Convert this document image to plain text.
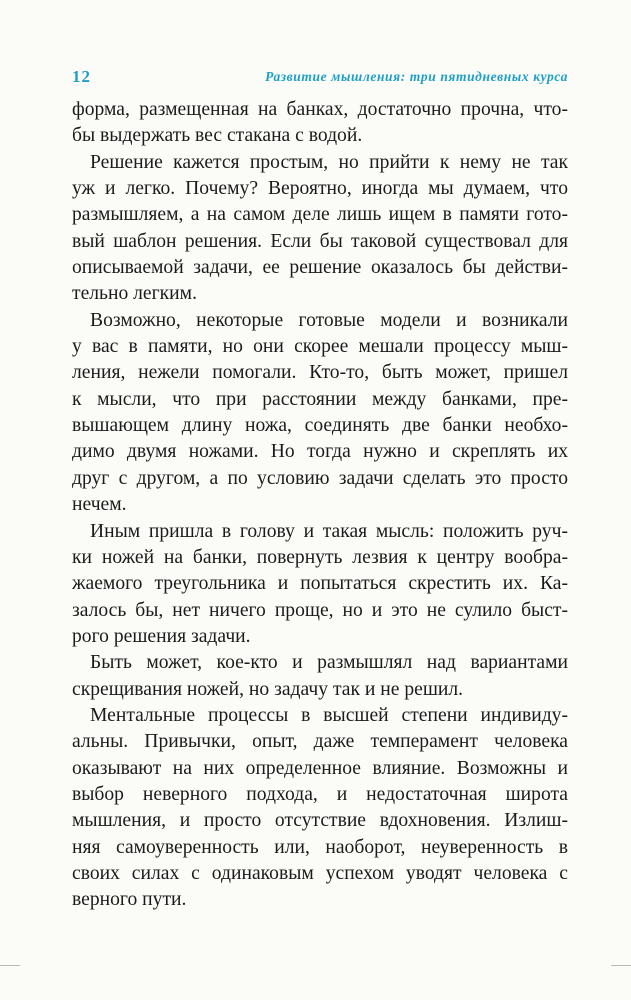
12	Развитие мышления: три пятидневных курса
форма, размещенная на банках, достаточно прочна, что-
бы выдержать вес стакана с водой.
Решение кажется простым, но прийти к нему не так
уж и легко. Почему? Вероятно, иногда мы думаем, что
размышляем, а на самом деле лишь ищем в памяти гото-
вый шаблон решения. Если бы таковой существовал для
описываемой задачи, ее решение оказалось бы действи-
тельно легким.
Возможно, некоторые готовые модели и возникали
у вас в памяти, но они скорее мешали процессу мыш-
ления, нежели помогали. Кто-то, быть может, пришел
к мысли, что при расстоянии между банками, пре-
вышающем длину ножа, соединять две банки необхо-
димо двумя ножами. Но тогда нужно и скреплять их
друг с другом, а по условию задачи сделать это просто
нечем.
Иным пришла в голову и такая мысль: положить руч-
ки ножей на банки, повернуть лезвия к центру вообра-
жаемого треугольника и попытаться скрестить их. Ка-
залось бы, нет ничего проще, но и это не сулило быст-
рого решения задачи.
Быть может, кое-кто и размышлял над вариантами
скрещивания ножей, но задачу так и не решил.
Ментальные процессы в высшей степени индивиду-
альны. Привычки, опыт, даже темперамент человека
оказывают на них определенное влияние. Возможны и
выбор неверного подхода, и недостаточная широта
мышления, и просто отсутствие вдохновения. Излиш-
няя самоуверенность или, наоборот, неуверенность в
своих силах с одинаковым успехом уводят человека с
верного пути.
